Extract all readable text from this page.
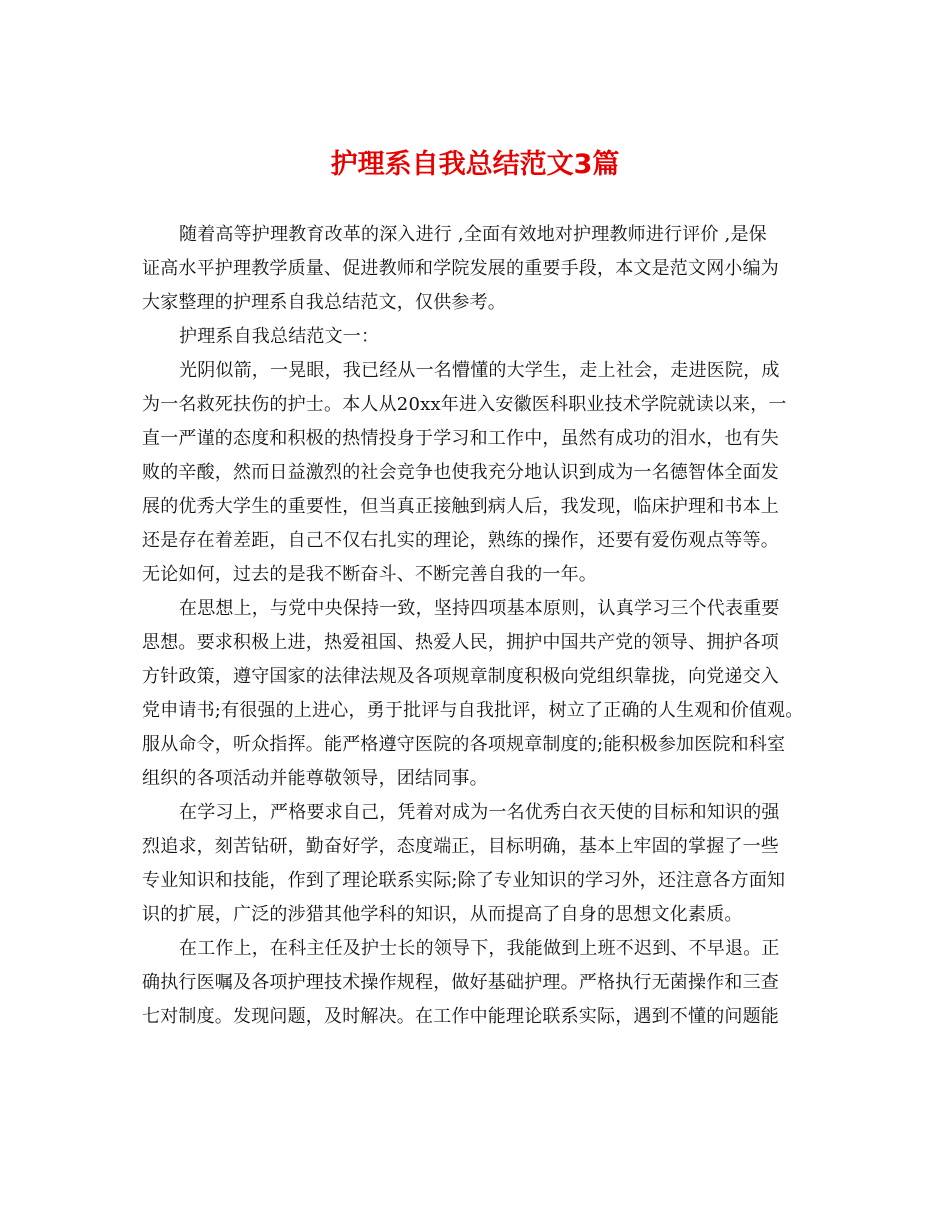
护理系自我总结范文3篇
随着高等护理教育改革的深入进行 ,全面有效地对护理教师进行评价 ,是保
证高水平护理教学质量、促进教师和学院发展的重要手段，本文是范文网小编为
大家整理的护理系自我总结范文，仅供参考。
护理系自我总结范文一：
光阴似箭，一晃眼，我已经从一名懵懂的大学生，走上社会，走进医院，成
为一名救死扶伤的护士。本人从20xx年进入安徽医科职业技术学院就读以来，一
直一严谨的态度和积极的热情投身于学习和工作中，虽然有成功的泪水，也有失
败的辛酸，然而日益激烈的社会竞争也使我充分地认识到成为一名德智体全面发
展的优秀大学生的重要性，但当真正接触到病人后，我发现，临床护理和书本上
还是存在着差距，自己不仅右扎实的理论，熟练的操作，还要有爱伤观点等等。
无论如何，过去的是我不断奋斗、不断完善自我的一年。
在思想上，与党中央保持一致，坚持四项基本原则，认真学习三个代表重要
思想。要求积极上进，热爱祖国、热爱人民，拥护中国共产党的领导、拥护各项
方针政策，遵守国家的法律法规及各项规章制度积极向党组织靠拢，向党递交入
党申请书;有很强的上进心，勇于批评与自我批评，树立了正确的人生观和价值观。
服从命令，听众指挥。能严格遵守医院的各项规章制度的;能积极参加医院和科室
组织的各项活动并能尊敬领导，团结同事。
在学习上，严格要求自己，凭着对成为一名优秀白衣天使的目标和知识的强
烈追求，刻苦钻研，勤奋好学，态度端正，目标明确，基本上牢固的掌握了一些
专业知识和技能，作到了理论联系实际;除了专业知识的学习外，还注意各方面知
识的扩展，广泛的涉猎其他学科的知识，从而提高了自身的思想文化素质。
在工作上，在科主任及护士长的领导下，我能做到上班不迟到、不早退。正
确执行医嘱及各项护理技术操作规程，做好基础护理。严格执行无菌操作和三查
七对制度。发现问题，及时解决。在工作中能理论联系实际，遇到不懂的问题能
